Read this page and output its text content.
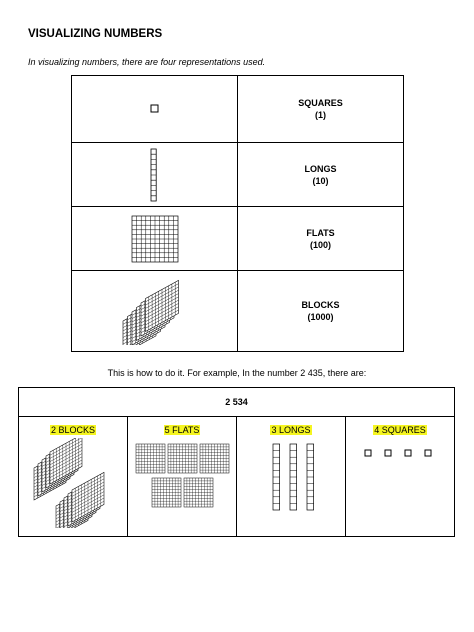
VISUALIZING NUMBERS
In visualizing numbers, there are four representations used.

SQUARES
(1)

LONGS
(10)

FLATS
(100)

BLOCKS
(1000)
This is how to do it. For example, In the number 2 435, there are:
2 534
2 BLOCKS	5 FLATS	3 LONGS	4 SQUARES
